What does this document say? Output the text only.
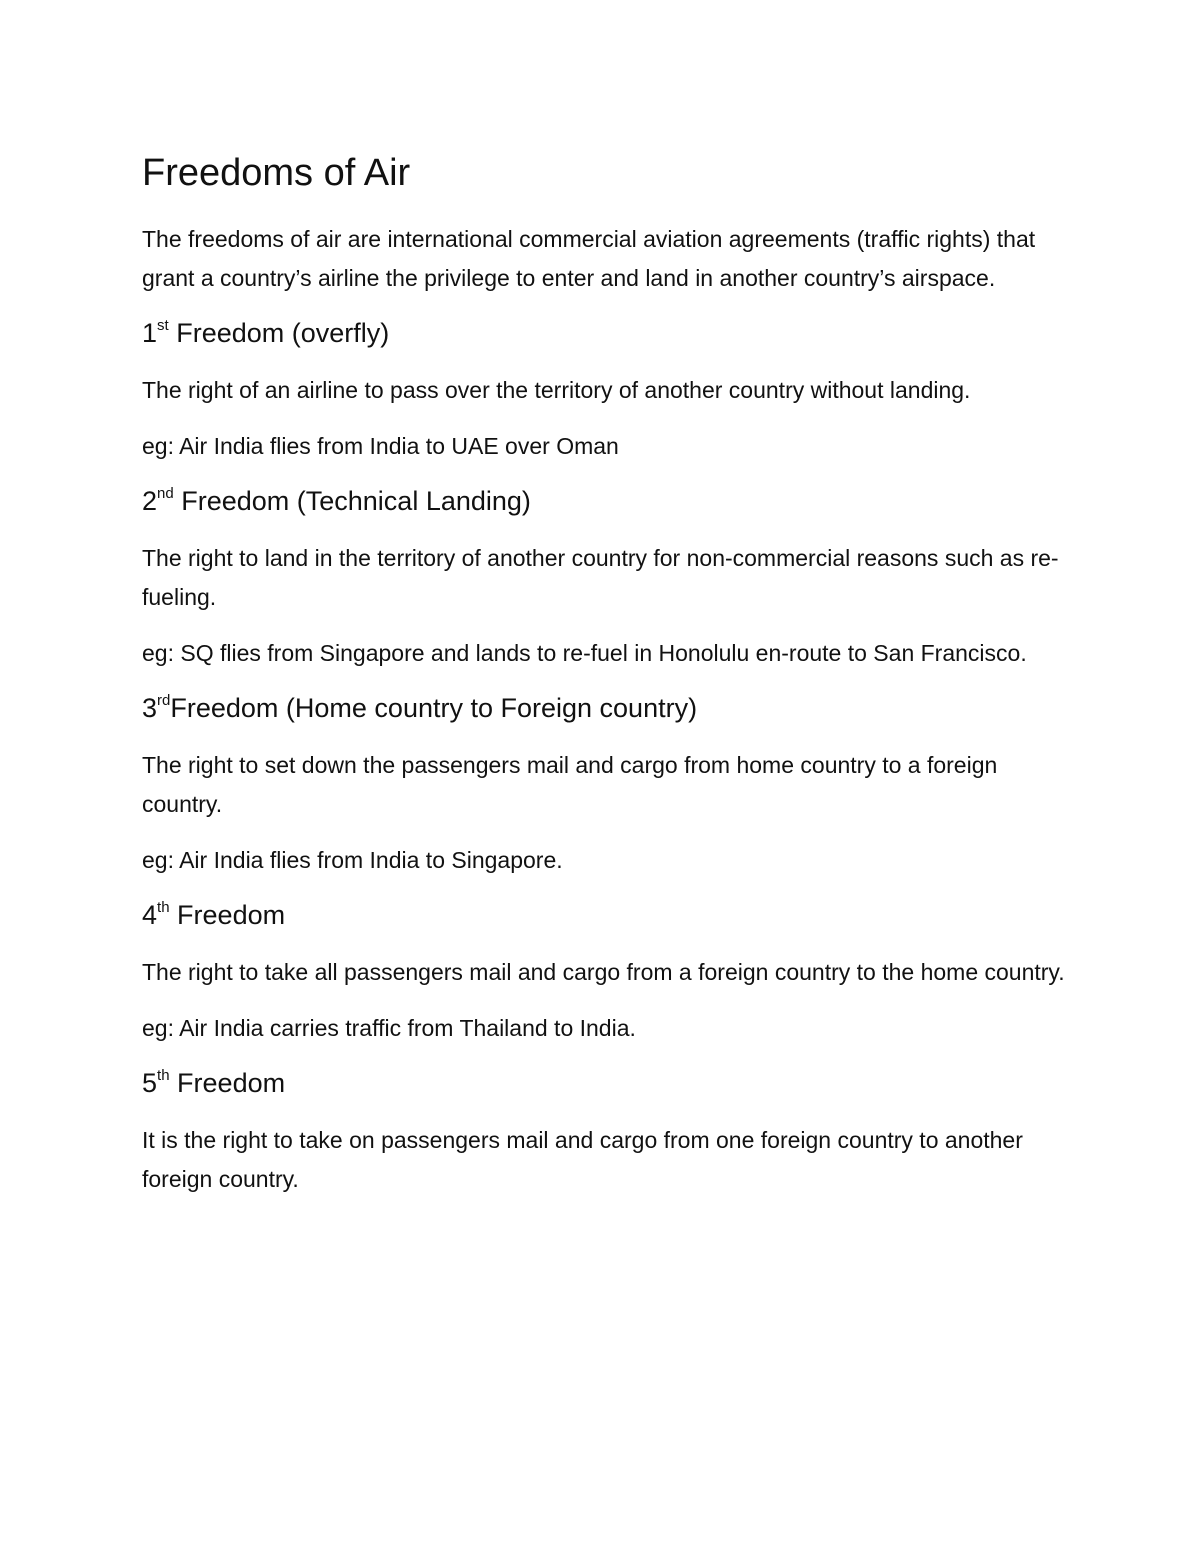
Freedoms of Air

The freedoms of air are international commercial aviation agreements (traffic rights) that grant a country’s airline the privilege to enter and land in another country’s airspace.

1st Freedom (overfly)

The right of an airline to pass over the territory of another country without landing.

eg: Air India flies from India to UAE over Oman

2nd Freedom (Technical Landing)

The right to land in the territory of another country for non-commercial reasons such as re-fueling.

eg: SQ flies from Singapore and lands to re-fuel in Honolulu en-route to San Francisco.

3rdFreedom (Home country to Foreign country)

The right to set down the passengers mail and cargo from home country to a foreign country.

eg: Air India flies from India to Singapore.

4th Freedom

The right to take all passengers mail and cargo from a foreign country to the home country.

eg: Air India carries traffic from Thailand to India.

5th Freedom

It is the right to take on passengers mail and cargo from one foreign country to another foreign country.
